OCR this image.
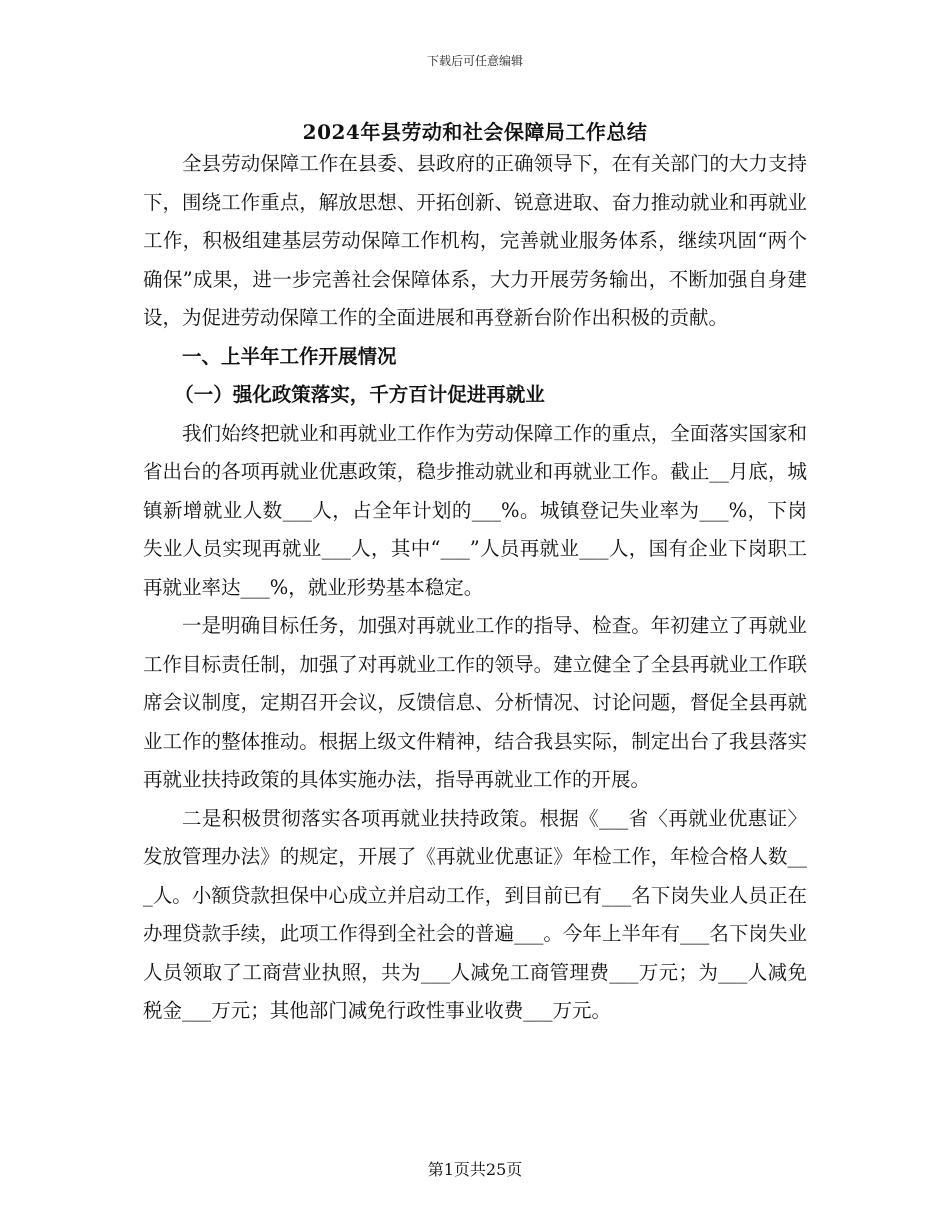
下载后可任意编辑
2024年县劳动和社会保障局工作总结

全县劳动保障工作在县委、县政府的正确领导下，在有关部门的大力支持下，围绕工作重点，解放思想、开拓创新、锐意进取、奋力推动就业和再就业工作，积极组建基层劳动保障工作机构，完善就业服务体系，继续巩固“两个确保”成果，进一步完善社会保障体系，大力开展劳务输出，不断加强自身建设，为促进劳动保障工作的全面进展和再登新台阶作出积极的贡献。

一、上半年工作开展情况

（一）强化政策落实，千方百计促进再就业

我们始终把就业和再就业工作作为劳动保障工作的重点，全面落实国家和省出台的各项再就业优惠政策，稳步推动就业和再就业工作。截止__月底，城镇新增就业人数___人，占全年计划的___%。城镇登记失业率为___%，下岗失业人员实现再就业___人，其中“___”人员再就业___人，国有企业下岗职工再就业率达___%，就业形势基本稳定。

一是明确目标任务，加强对再就业工作的指导、检查。年初建立了再就业工作目标责任制，加强了对再就业工作的领导。建立健全了全县再就业工作联席会议制度，定期召开会议，反馈信息、分析情况、讨论问题，督促全县再就业工作的整体推动。根据上级文件精神，结合我县实际，制定出台了我县落实再就业扶持政策的具体实施办法，指导再就业工作的开展。

二是积极贯彻落实各项再就业扶持政策。根据《___省〈再就业优惠证〉发放管理办法》的规定，开展了《再就业优惠证》年检工作，年检合格人数___人。小额贷款担保中心成立并启动工作，到目前已有___名下岗失业人员正在办理贷款手续，此项工作得到全社会的普遍___。今年上半年有___名下岗失业人员领取了工商营业执照，共为___人减免工商管理费___万元；为___人减免税金___万元；其他部门减免行政性事业收费___万元。

第1页共25页
